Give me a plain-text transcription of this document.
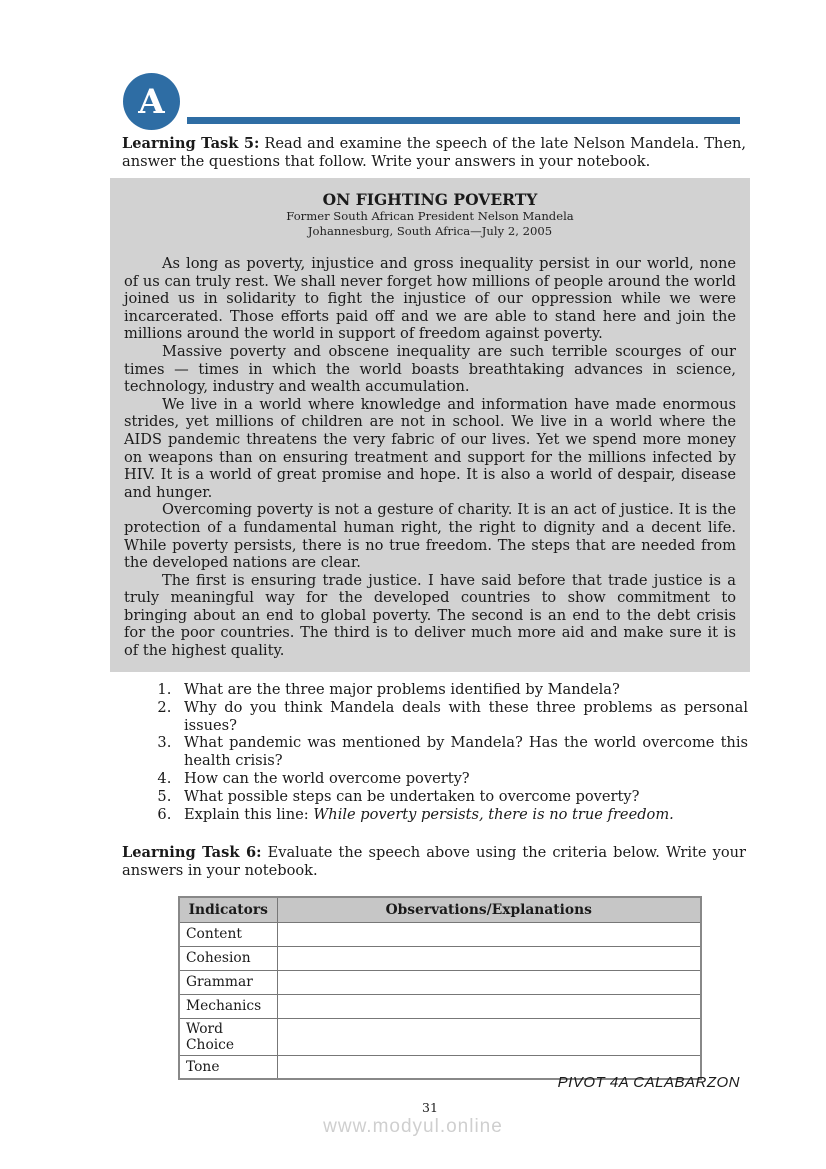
A
Learning Task 5: Read and examine the speech of the late Nelson Mandela. Then, answer the questions that follow. Write your answers in your notebook.
ON FIGHTING POVERTY
Former South African President Nelson Mandela
Johannesburg, South Africa—July 2, 2005

As long as poverty, injustice and gross inequality persist in our world, none of us can truly rest. We shall never forget how millions of people around the world joined us in solidarity to fight the injustice of our oppression while we were incarcerated. Those efforts paid off and we are able to stand here and join the millions around the world in support of freedom against poverty.

Massive poverty and obscene inequality are such terrible scourges of our times — times in which the world boasts breathtaking advances in science, technology, industry and wealth accumulation.

We live in a world where knowledge and information have made enormous strides, yet millions of children are not in school. We live in a world where the AIDS pandemic threatens the very fabric of our lives. Yet we spend more money on weapons than on ensuring treatment and support for the millions infected by HIV. It is a world of great promise and hope. It is also a world of despair, disease and hunger.

Overcoming poverty is not a gesture of charity. It is an act of justice. It is the protection of a fundamental human right, the right to dignity and a decent life. While poverty persists, there is no true freedom. The steps that are needed from the developed nations are clear.

The first is ensuring trade justice. I have said before that trade justice is a truly meaningful way for the developed countries to show commitment to bringing about an end to global poverty. The second is an end to the debt crisis for the poor countries. The third is to deliver much more aid and make sure it is of the highest quality.

1. What are the three major problems identified by Mandela?
2. Why do you think Mandela deals with these three problems as personal issues?
3. What pandemic was mentioned by Mandela? Has the world overcome this health crisis?
4. How can the world overcome poverty?
5. What possible steps can be undertaken to overcome poverty?
6. Explain this line: While poverty persists, there is no true freedom.
Learning Task 6: Evaluate the speech above using the criteria below. Write your answers in your notebook.
Indicators	Observations/Explanations
Content	
Cohesion	
Grammar	
Mechanics	
Word Choice	
Tone	
PIVOT 4A CALABARZON
31
www.modyul.online
